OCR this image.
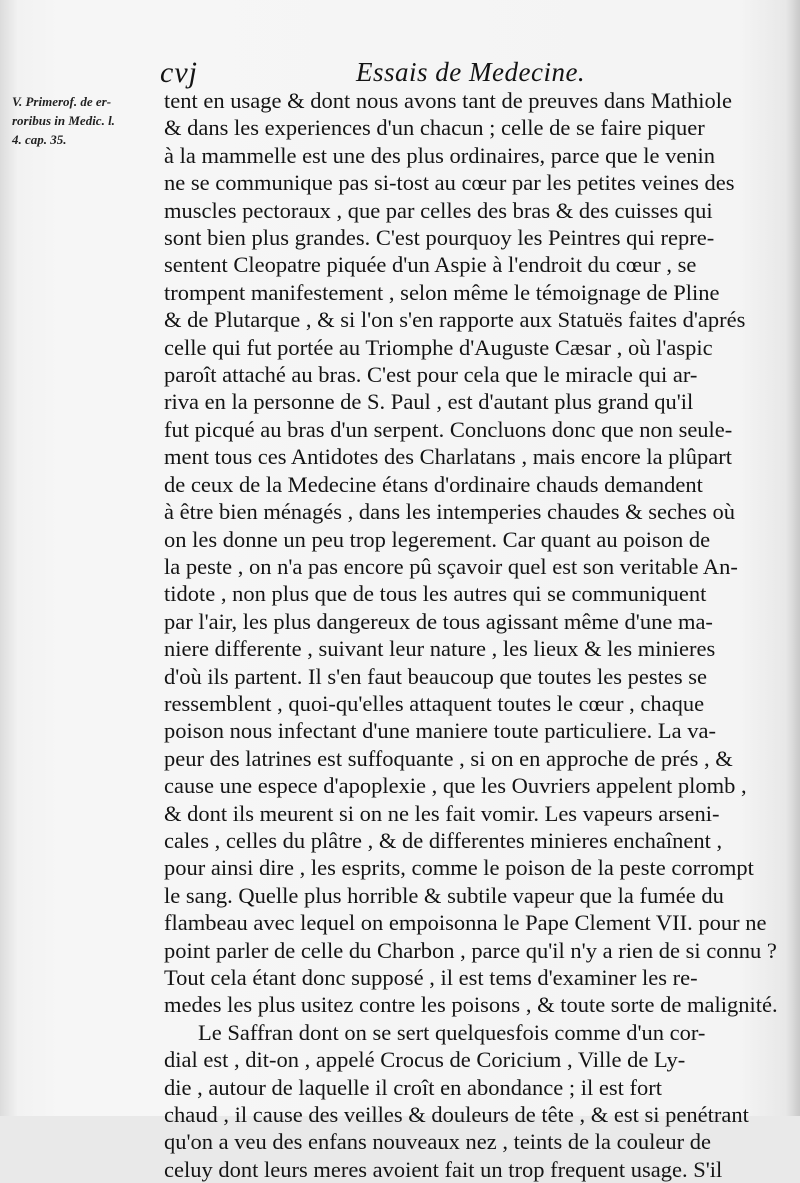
cvj	Essais de Medecine.
V. Primerof. de er-
roribus in Medic. l.
4. cap. 35.
tent en usage & dont nous avons tant de preuves dans Mathiole
& dans les experiences d'un chacun ; celle de se faire piquer
à la mammelle est une des plus ordinaires, parce que le venin
ne se communique pas si-tost au cœur par les petites veines des
muscles pectoraux , que par celles des bras & des cuisses qui
sont bien plus grandes. C'est pourquoy les Peintres qui repre-
sentent Cleopatre piquée d'un Aspie à l'endroit du cœur , se
trompent manifestement , selon même le témoignage de Pline
& de Plutarque , & si l'on s'en rapporte aux Statuës faites d'aprés
celle qui fut portée au Triomphe d'Auguste Cæsar , où l'aspic
paroît attaché au bras. C'est pour cela que le miracle qui ar-
riva en la personne de S. Paul , est d'autant plus grand qu'il
fut picqué au bras d'un serpent. Concluons donc que non seule-
ment tous ces Antidotes des Charlatans , mais encore la plûpart
de ceux de la Medecine étans d'ordinaire chauds demandent
à être bien ménagés , dans les intemperies chaudes & seches où
on les donne un peu trop legerement. Car quant au poison de
la peste , on n'a pas encore pû sçavoir quel est son veritable An-
tidote , non plus que de tous les autres qui se communiquent
par l'air, les plus dangereux de tous agissant même d'une ma-
niere differente , suivant leur nature , les lieux & les minieres
d'où ils partent. Il s'en faut beaucoup que toutes les pestes se
ressemblent , quoi-qu'elles attaquent toutes le cœur , chaque
poison nous infectant d'une maniere toute particuliere. La va-
peur des latrines est suffoquante , si on en approche de prés , &
cause une espece d'apoplexie , que les Ouvriers appelent plomb ,
& dont ils meurent si on ne les fait vomir. Les vapeurs arseni-
cales , celles du plâtre , & de differentes minieres enchaînent ,
pour ainsi dire , les esprits, comme le poison de la peste corrompt
le sang. Quelle plus horrible & subtile vapeur que la fumée du
flambeau avec lequel on empoisonna le Pape Clement VII. pour ne
point parler de celle du Charbon , parce qu'il n'y a rien de si connu ?
Tout cela étant donc supposé , il est tems d'examiner les re-
medes les plus usitez contre les poisons , & toute sorte de malignité.
Le Saffran dont on se sert quelquesfois comme d'un cor-
dial est , dit-on , appelé Crocus de Coricium , Ville de Ly-
die , autour de laquelle il croît en abondance ; il est fort
chaud , il cause des veilles & douleurs de tête , & est si penétrant
qu'on a veu des enfans nouveaux nez , teints de la couleur de
celuy dont leurs meres avoient fait un trop frequent usage. S'il
